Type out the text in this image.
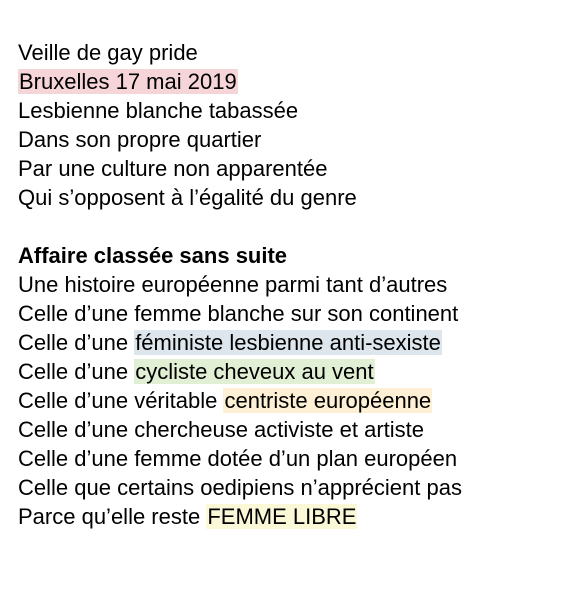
Veille de gay pride
Bruxelles 17 mai 2019
Lesbienne blanche tabassée
Dans son propre quartier
Par une culture non apparentée
Qui s’opposent à l’égalité du genre
Affaire classée sans suite
Une histoire européenne parmi tant d’autres
Celle d’une femme blanche sur son continent
Celle d’une féministe lesbienne anti-sexiste
Celle d’une cycliste cheveux au vent
Celle d’une véritable centriste européenne
Celle d’une chercheuse activiste et artiste
Celle d’une femme dotée d’un plan européen
Celle que certains oedipiens n’apprécient pas
Parce qu’elle reste FEMME LIBRE
